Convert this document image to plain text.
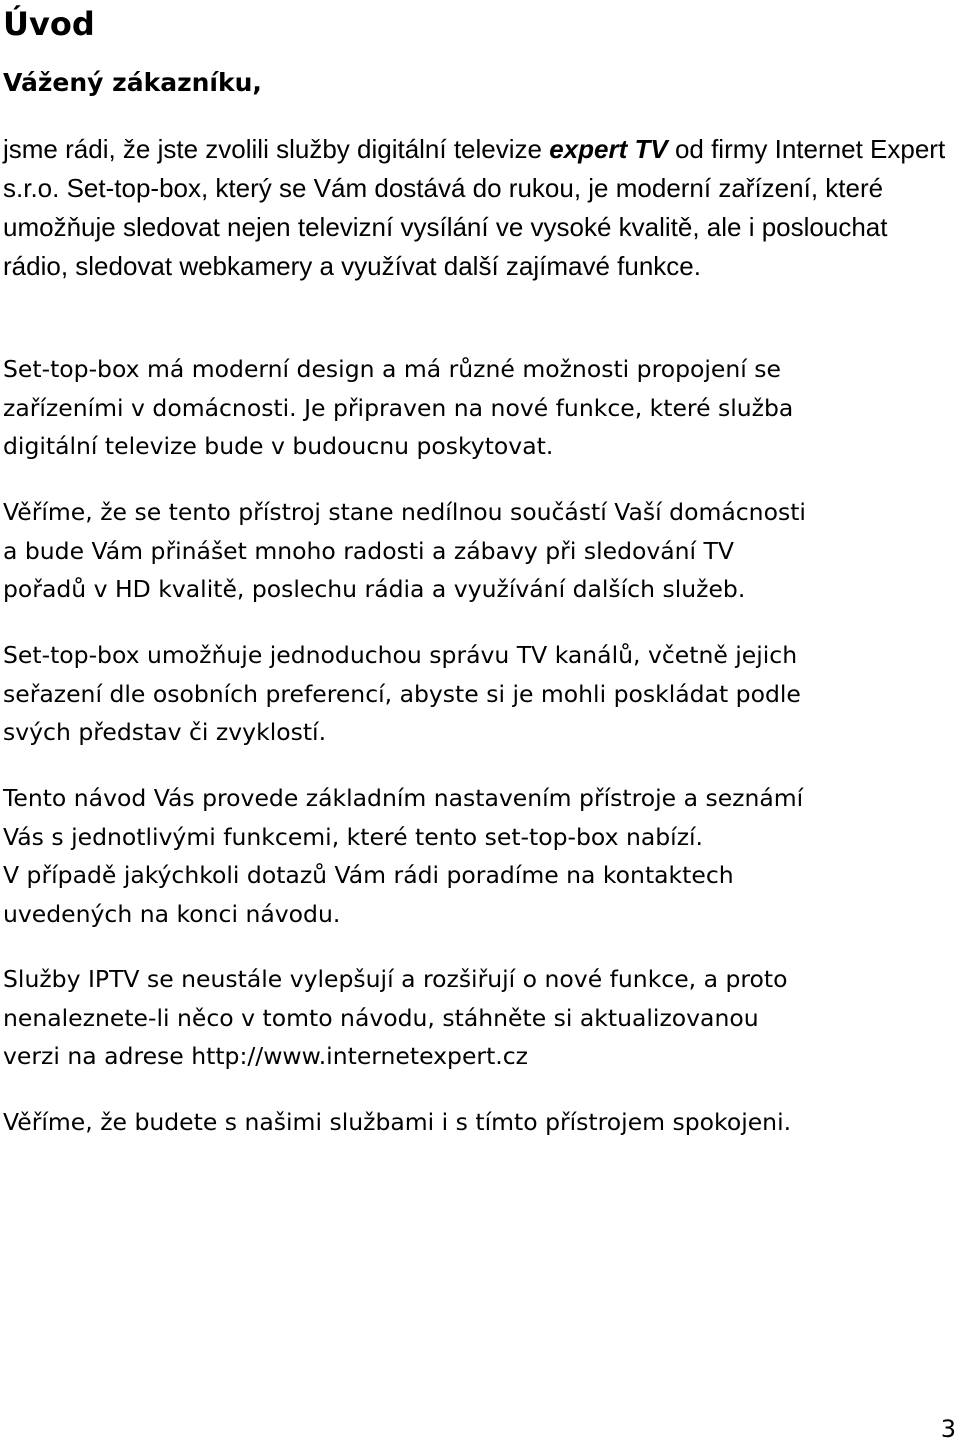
Úvod
Vážený zákazníku,

jsme rádi, že jste zvolili služby digitální televize expert TV od firmy Internet Expert s.r.o. Set-top-box, který se Vám dostává do rukou, je moderní zařízení, které umožňuje sledovat nejen televizní vysílání ve vysoké kvalitě, ale i poslouchat rádio, sledovat webkamery a využívat další zajímavé funkce.

Set-top-box má moderní design a má různé možnosti propojení se
zařízeními v domácnosti. Je připraven na nové funkce, které služba
digitální televize bude v budoucnu poskytovat.

Věříme, že se tento přístroj stane nedílnou součástí Vaší domácnosti
a bude Vám přinášet mnoho radosti a zábavy při sledování TV
pořadů v HD kvalitě, poslechu rádia a využívání dalších služeb.

Set-top-box umožňuje jednoduchou správu TV kanálů, včetně jejich
seřazení dle osobních preferencí, abyste si je mohli poskládat podle
svých představ či zvyklostí.

Tento návod Vás provede základním nastavením přístroje a seznámí
Vás s jednotlivými funkcemi, které tento set-top-box nabízí.
V případě jakýchkoli dotazů Vám rádi poradíme na kontaktech
uvedených na konci návodu.

Služby IPTV se neustále vylepšují a rozšiřují o nové funkce, a proto
nenaleznete-li něco v tomto návodu, stáhněte si aktualizovanou
verzi na adrese http://www.internetexpert.cz

Věříme, že budete s našimi službami i s tímto přístrojem spokojeni.

3
